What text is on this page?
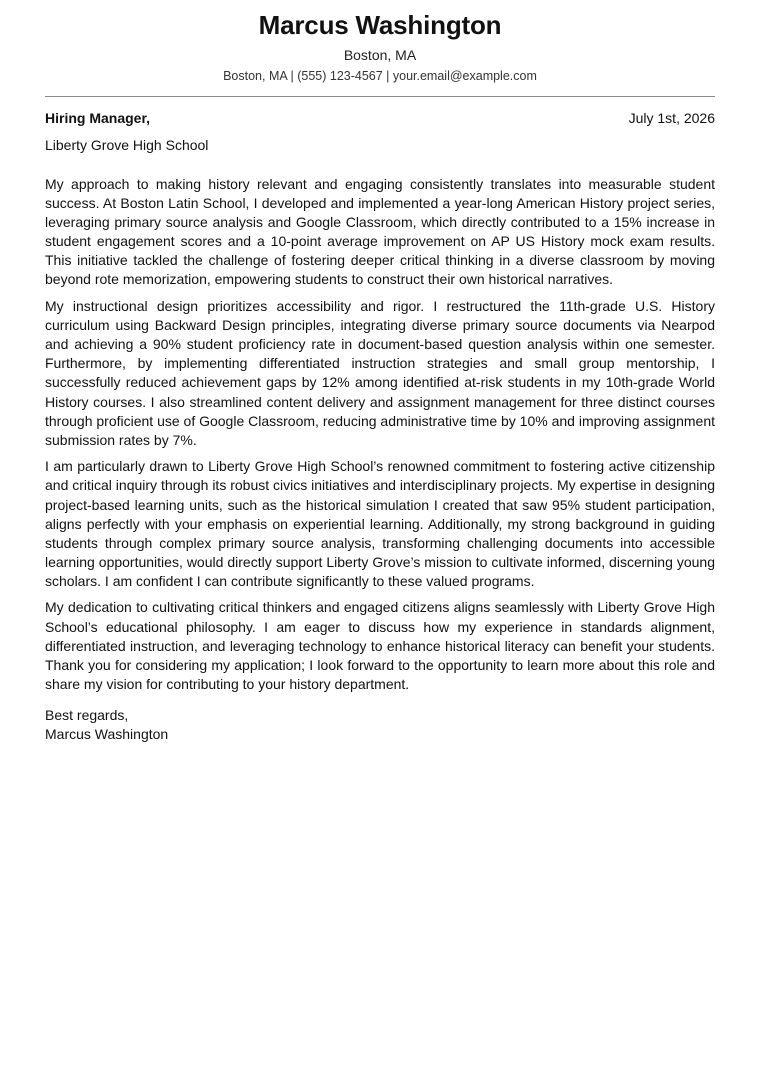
Marcus Washington
Boston, MA
Boston, MA | (555) 123-4567 | your.email@example.com
Hiring Manager,	July 1st, 2026
Liberty Grove High School

My approach to making history relevant and engaging consistently translates into measurable student success. At Boston Latin School, I developed and implemented a year-long American History project series, leveraging primary source analysis and Google Classroom, which directly contributed to a 15% increase in student engagement scores and a 10-point average improvement on AP US History mock exam results. This initiative tackled the challenge of fostering deeper critical thinking in a diverse classroom by moving beyond rote memorization, empowering students to construct their own historical narratives.

My instructional design prioritizes accessibility and rigor. I restructured the 11th-grade U.S. History curriculum using Backward Design principles, integrating diverse primary source documents via Nearpod and achieving a 90% student proficiency rate in document-based question analysis within one semester. Furthermore, by implementing differentiated instruction strategies and small group mentorship, I successfully reduced achievement gaps by 12% among identified at-risk students in my 10th-grade World History courses. I also streamlined content delivery and assignment management for three distinct courses through proficient use of Google Classroom, reducing administrative time by 10% and improving assignment submission rates by 7%.

I am particularly drawn to Liberty Grove High School’s renowned commitment to fostering active citizenship and critical inquiry through its robust civics initiatives and interdisciplinary projects. My expertise in designing project-based learning units, such as the historical simulation I created that saw 95% student participation, aligns perfectly with your emphasis on experiential learning. Additionally, my strong background in guiding students through complex primary source analysis, transforming challenging documents into accessible learning opportunities, would directly support Liberty Grove’s mission to cultivate informed, discerning young scholars. I am confident I can contribute significantly to these valued programs.

My dedication to cultivating critical thinkers and engaged citizens aligns seamlessly with Liberty Grove High School’s educational philosophy. I am eager to discuss how my experience in standards alignment, differentiated instruction, and leveraging technology to enhance historical literacy can benefit your students. Thank you for considering my application; I look forward to the opportunity to learn more about this role and share my vision for contributing to your history department.

Best regards,
Marcus Washington
